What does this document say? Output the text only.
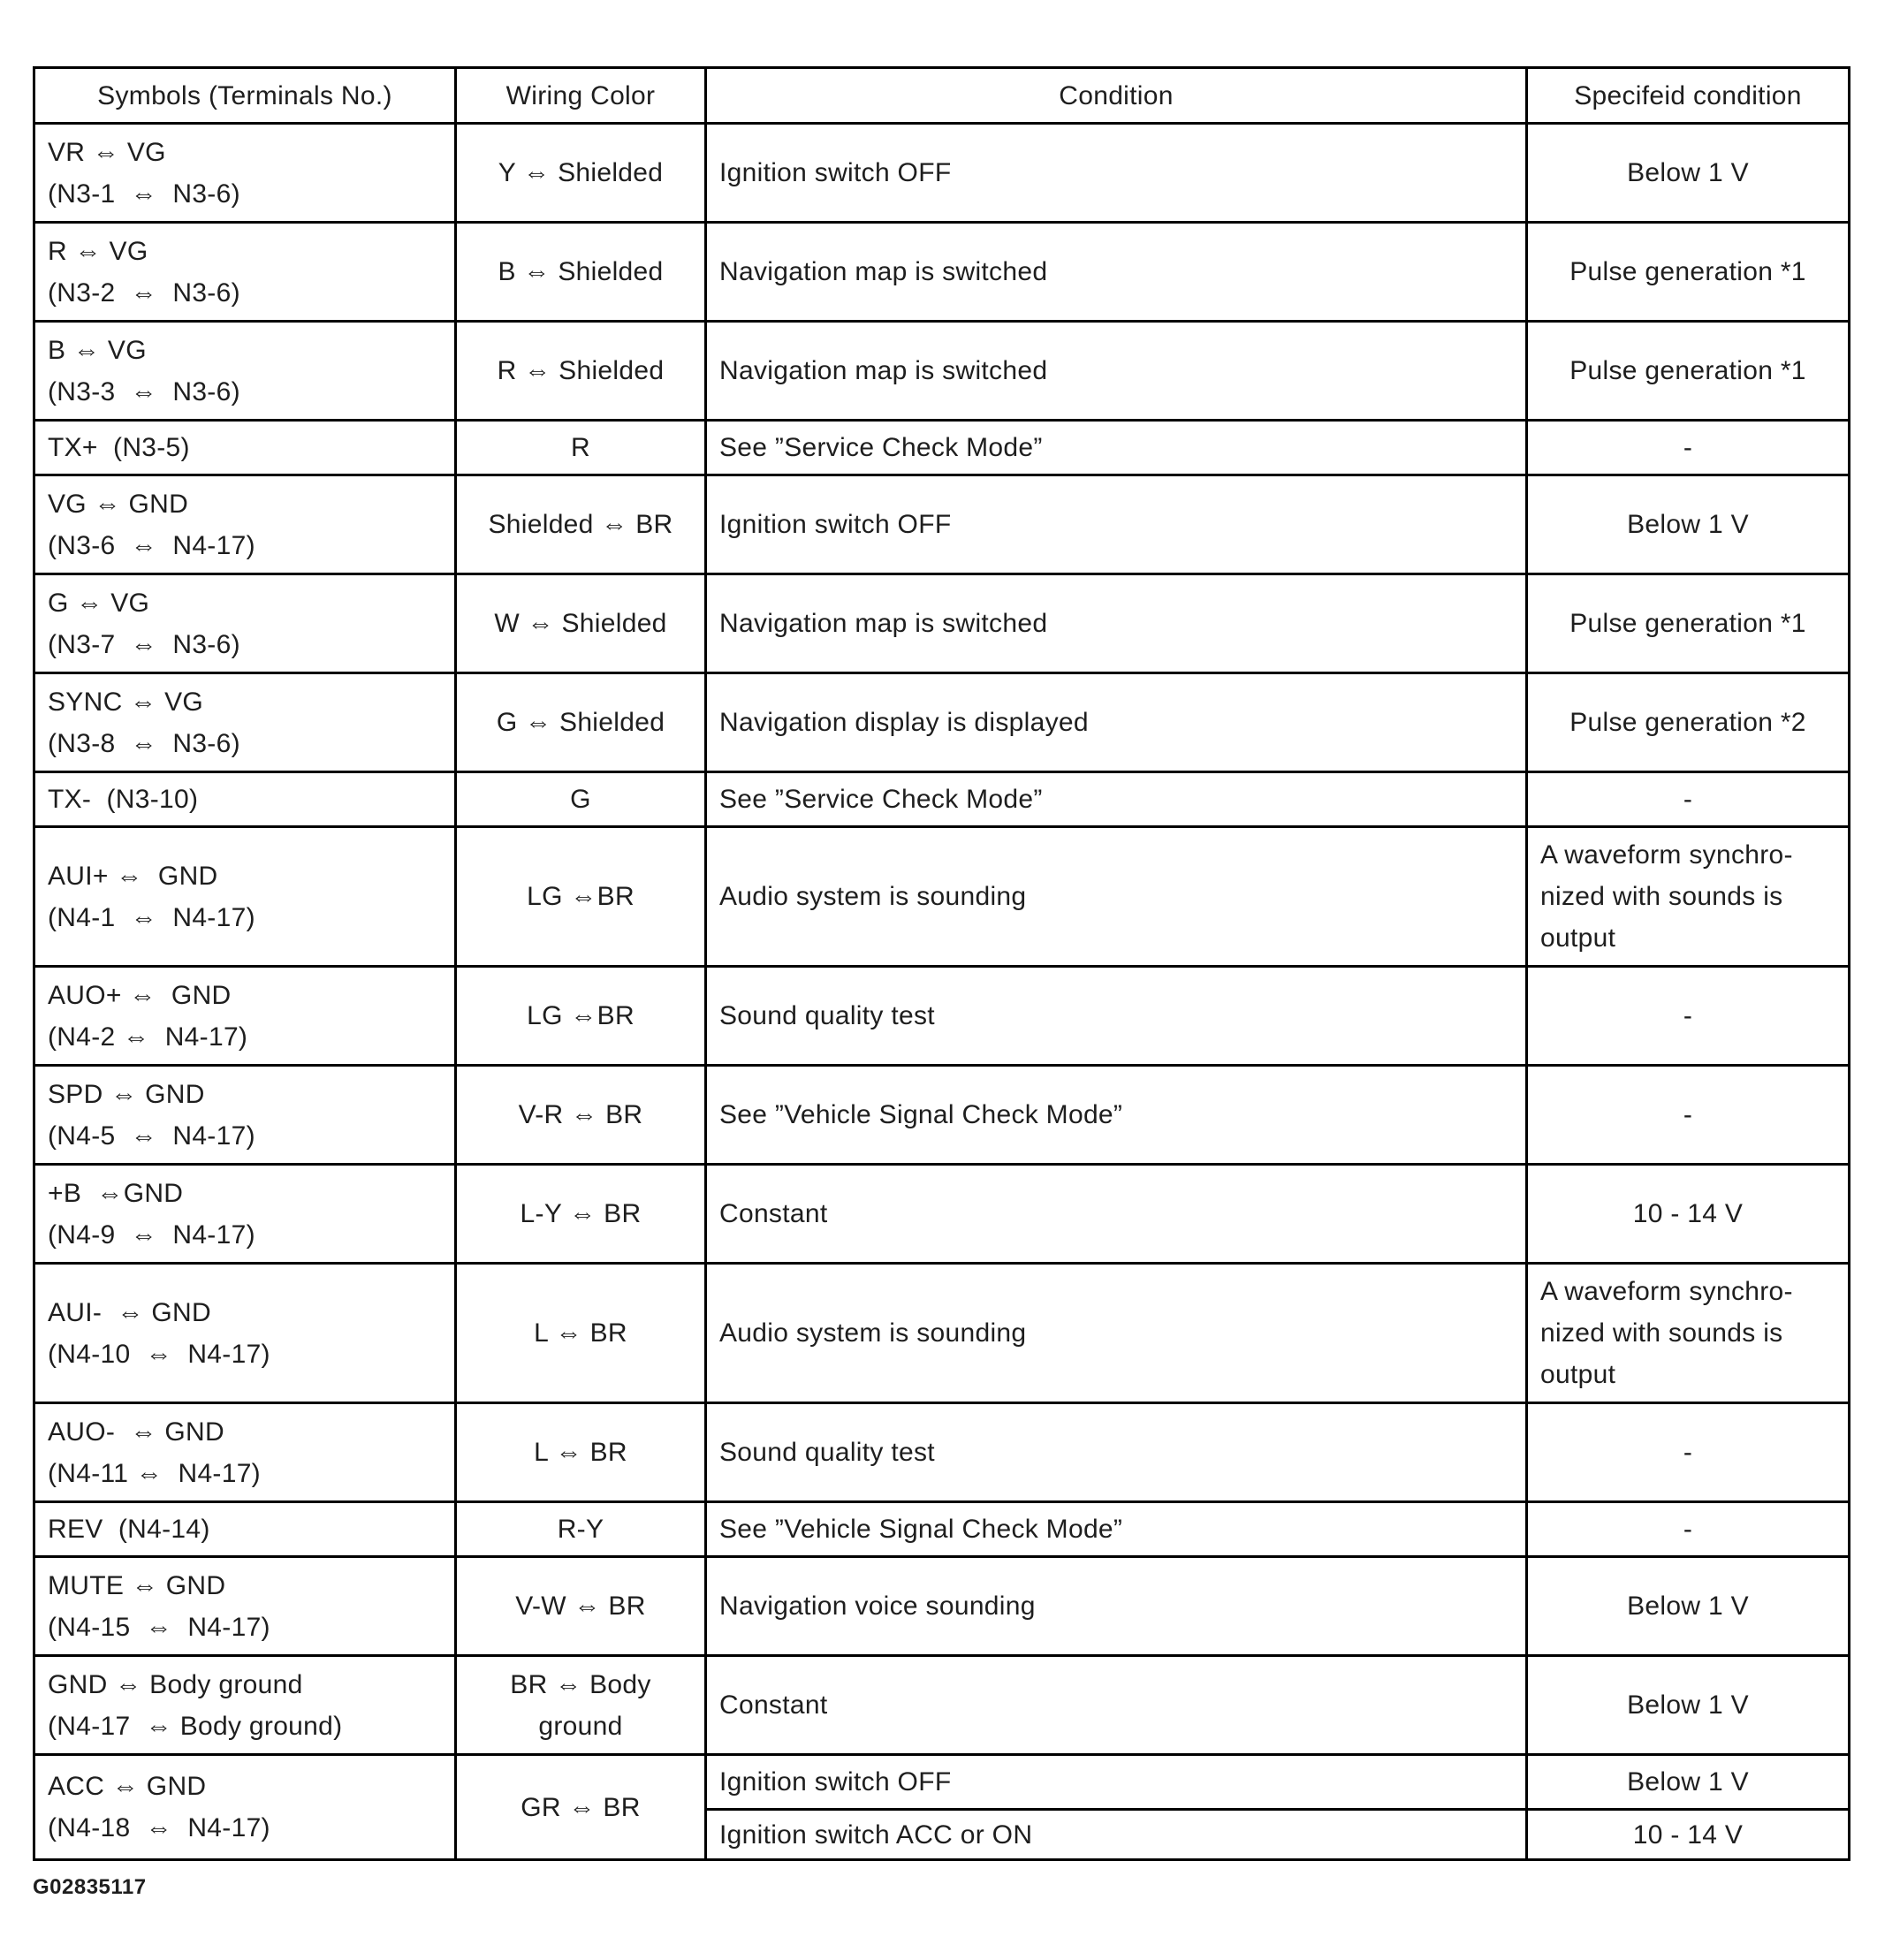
Symbols (Terminals No.)	Wiring Color	Condition	Specifeid condition

VR ⇔ VG
(N3-1  ⇔  N3-6)	Y ⇔ Shielded	Ignition switch OFF	Below 1 V

R ⇔ VG
(N3-2  ⇔  N3-6)	B ⇔ Shielded	Navigation map is switched	Pulse generation *1

B ⇔ VG
(N3-3  ⇔  N3-6)	R ⇔ Shielded	Navigation map is switched	Pulse generation *1

TX+  (N3-5)	R	See ”Service Check Mode”	-

VG ⇔ GND
(N3-6  ⇔  N4-17)	Shielded ⇔ BR	Ignition switch OFF	Below 1 V

G ⇔ VG
(N3-7  ⇔  N3-6)	W ⇔ Shielded	Navigation map is switched	Pulse generation *1

SYNC ⇔ VG
(N3-8  ⇔  N3-6)	G ⇔ Shielded	Navigation display is displayed	Pulse generation *2

TX-  (N3-10)	G	See ”Service Check Mode”	-

AUI+ ⇔  GND
(N4-1  ⇔  N4-17)	LG ⇔BR	Audio system is sounding	A waveform synchro-
nized with sounds is
output

AUO+ ⇔  GND
(N4-2 ⇔  N4-17)	LG ⇔BR	Sound quality test	-

SPD ⇔ GND
(N4-5  ⇔  N4-17)	V-R ⇔ BR	See ”Vehicle Signal Check Mode”	-

+B  ⇔GND
(N4-9  ⇔  N4-17)	L-Y ⇔ BR	Constant	10 - 14 V

AUI-  ⇔ GND
(N4-10  ⇔  N4-17)	L ⇔ BR	Audio system is sounding	A waveform synchro-
nized with sounds is
output

AUO-  ⇔ GND
(N4-11 ⇔  N4-17)	L ⇔ BR	Sound quality test	-

REV  (N4-14)	R-Y	See ”Vehicle Signal Check Mode”	-

MUTE ⇔ GND
(N4-15  ⇔  N4-17)	V-W ⇔ BR	Navigation voice sounding	Below 1 V

GND ⇔ Body ground
(N4-17  ⇔ Body ground)	BR ⇔ Body
ground	Constant	Below 1 V

ACC ⇔ GND
(N4-18  ⇔  N4-17)	GR ⇔ BR	Ignition switch OFF	Below 1 V
		Ignition switch ACC or ON	10 - 14 V
G02835117
